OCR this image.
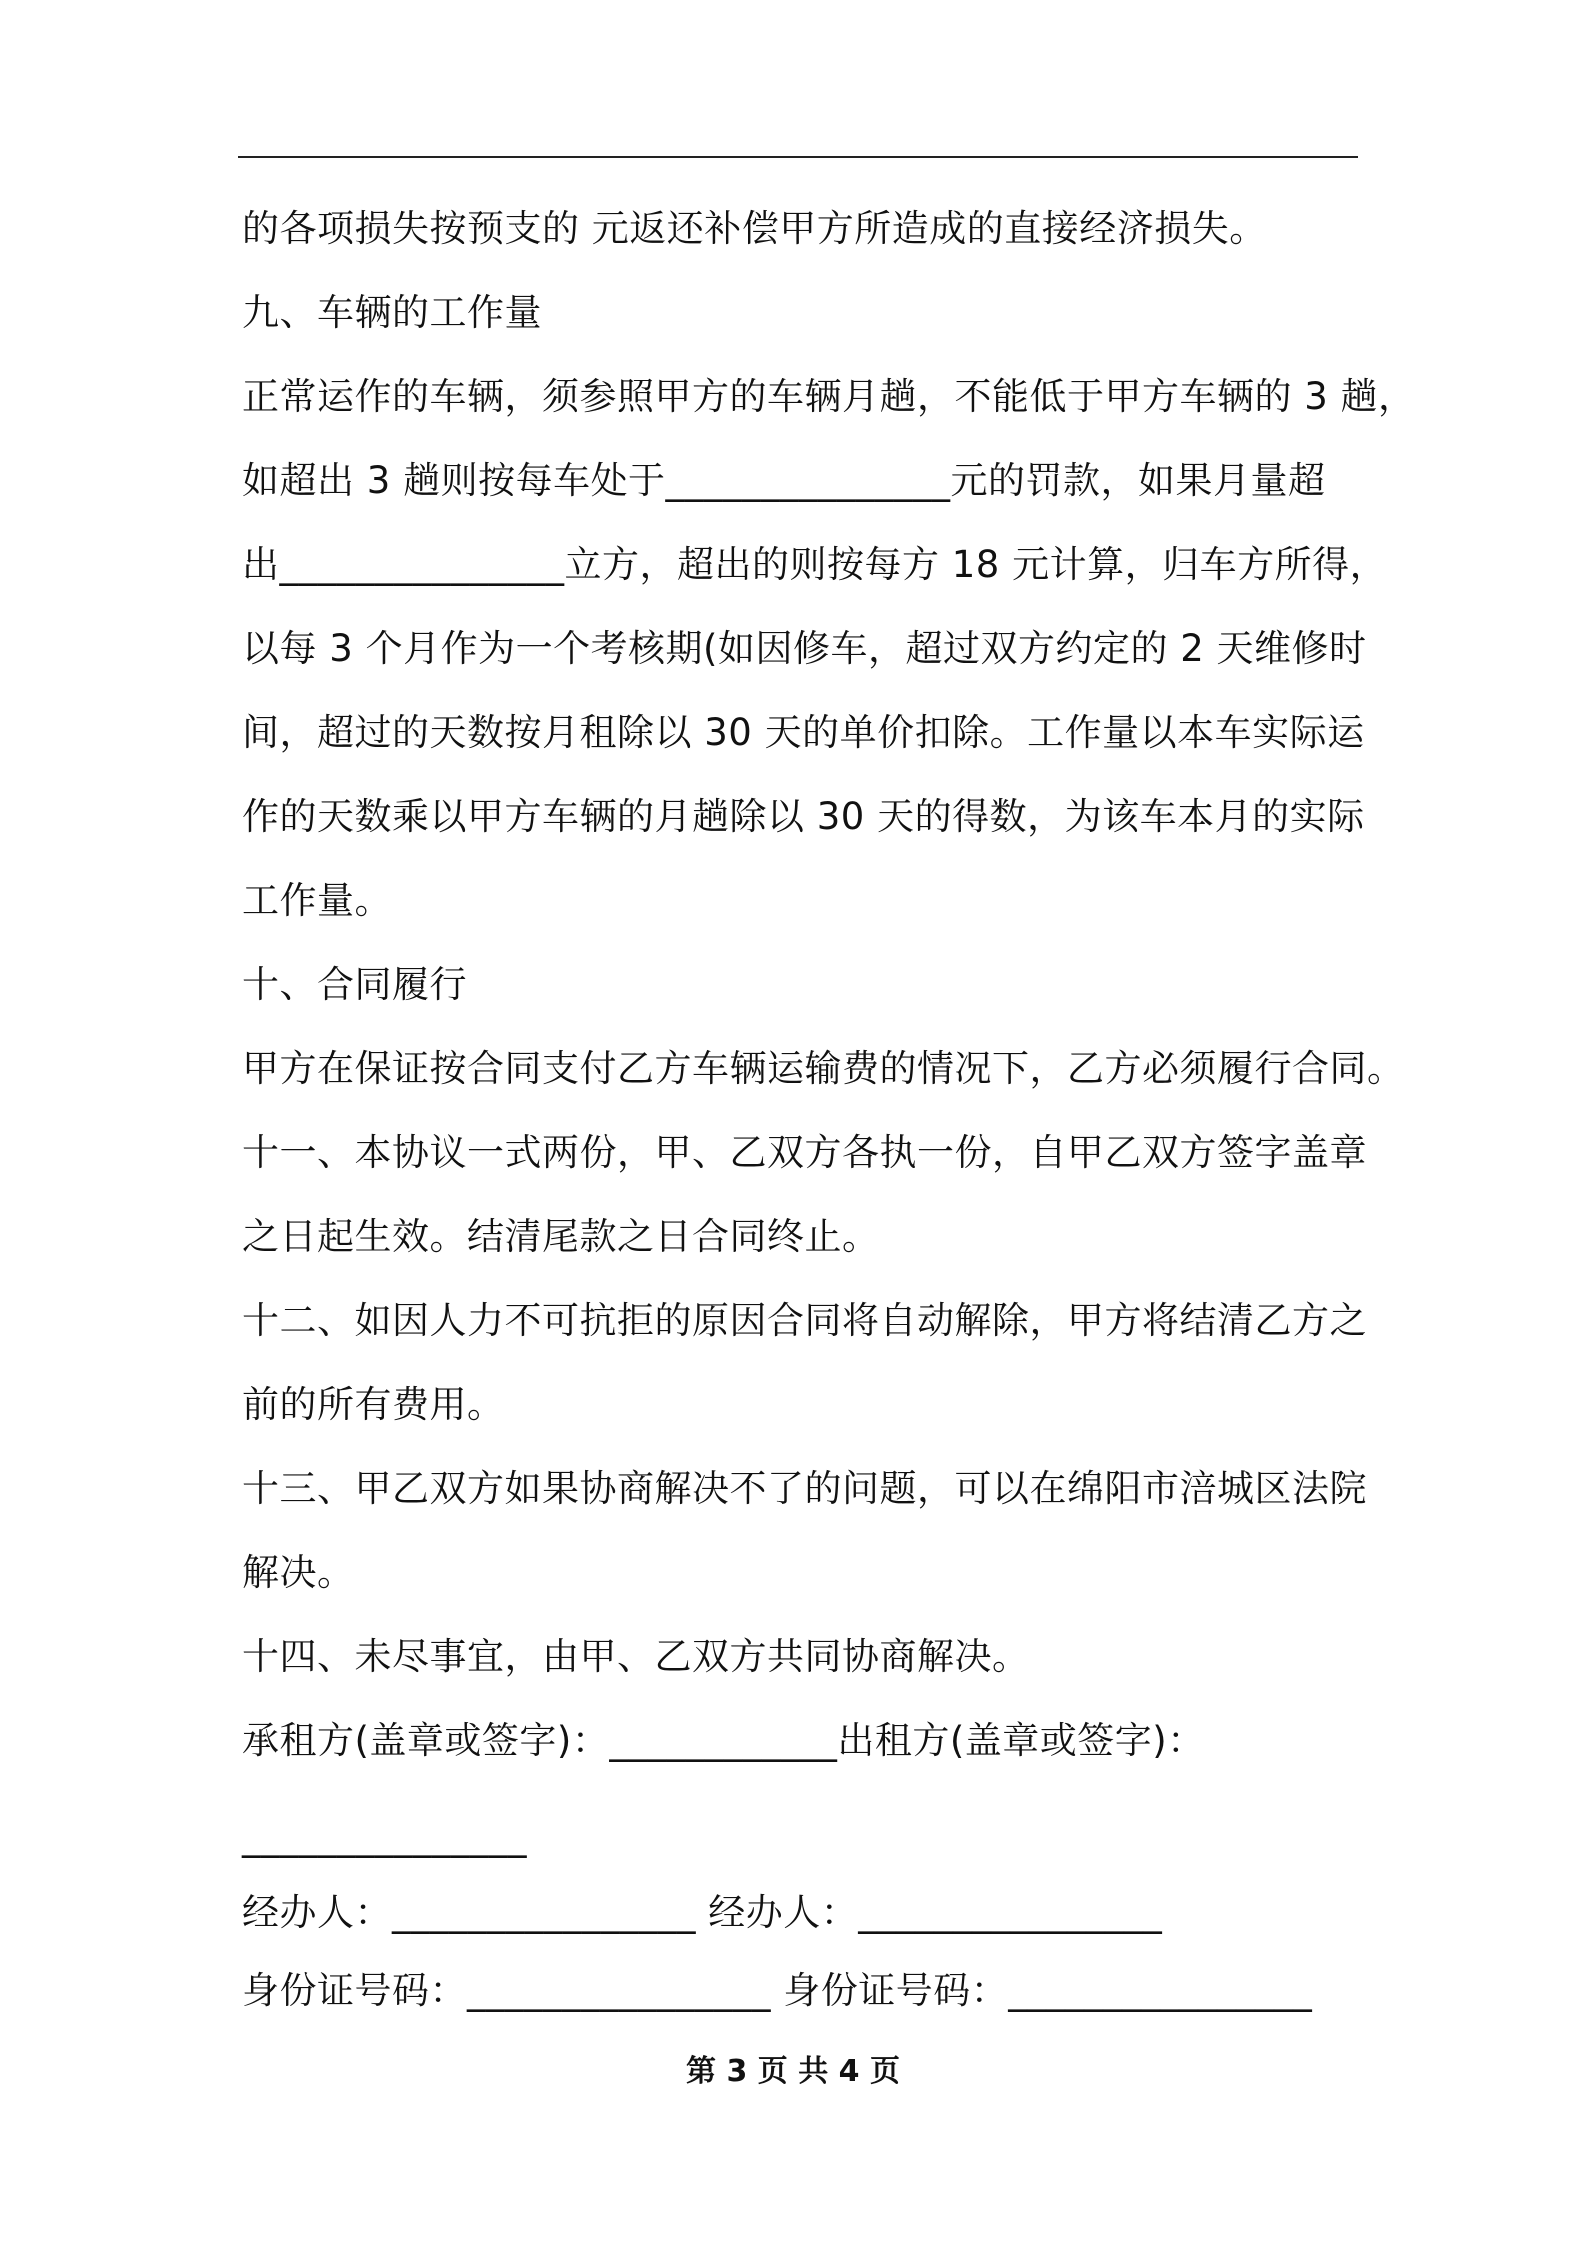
的各项损失按预支的 元返还补偿甲方所造成的直接经济损失。
九、车辆的工作量
正常运作的车辆，须参照甲方的车辆月趟，不能低于甲方车辆的 3 趟，
如超出 3 趟则按每车处于_______________元的罚款，如果月量超
出_______________立方，超出的则按每方 18 元计算，归车方所得，
以每 3 个月作为一个考核期(如因修车，超过双方约定的 2 天维修时
间，超过的天数按月租除以 30 天的单价扣除。工作量以本车实际运
作的天数乘以甲方车辆的月趟除以 30 天的得数，为该车本月的实际
工作量。
十、合同履行
甲方在保证按合同支付乙方车辆运输费的情况下，乙方必须履行合同。
十一、本协议一式两份，甲、乙双方各执一份，自甲乙双方签字盖章
之日起生效。结清尾款之日合同终止。
十二、如因人力不可抗拒的原因合同将自动解除，甲方将结清乙方之
前的所有费用。
十三、甲乙双方如果协商解决不了的问题，可以在绵阳市涪城区法院
解决。
十四、未尽事宜，由甲、乙双方共同协商解决。
承租方(盖章或签字)：____________出租方(盖章或签字)：
_______________
经办人：________________ 经办人：________________
身份证号码：________________ 身份证号码：________________
第 3 页 共 4 页
